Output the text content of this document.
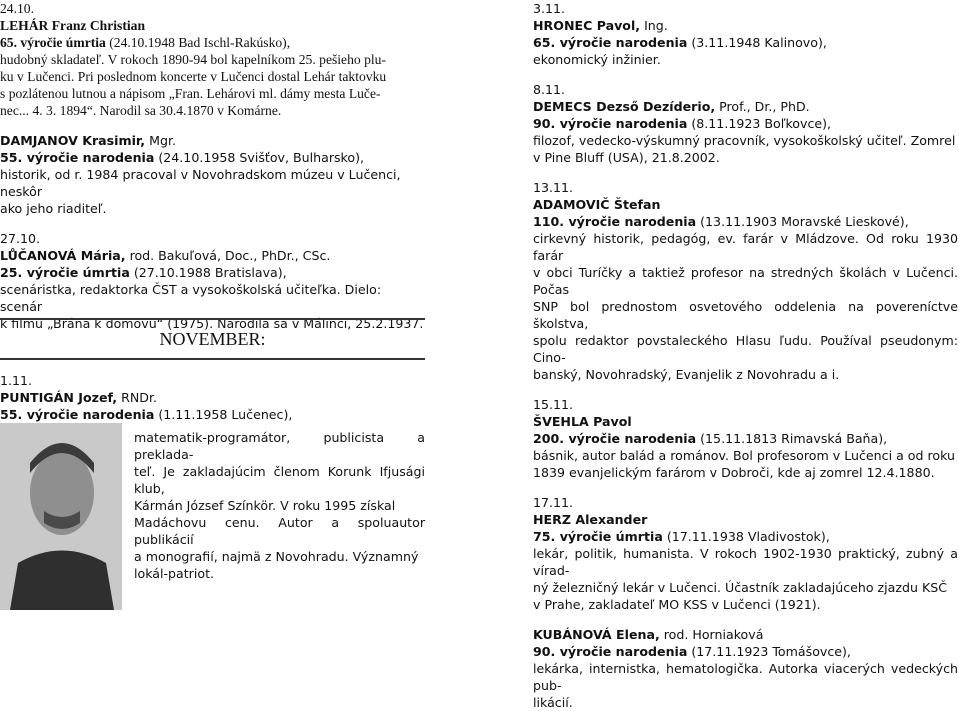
24.10.

LEHÁR Franz Christian

65. výročie úmrtia (24.10.1948 Bad Ischl-Rakúsko),

hudobný skladateľ. V rokoch 1890-94 bol kapelníkom 25. pešieho plu-

ku v Lučenci. Pri poslednom koncerte v Lučenci dostal Lehár taktovku

s pozlátenou lutnou a nápisom „Fran. Lehárovi ml. dámy mesta Luče-

nec... 4. 3. 1894“. Narodil sa 30.4.1870 v Komárne.

DAMJANOV Krasimir, Mgr.

55. výročie narodenia (24.10.1958 Svišťov, Bulharsko),

historik, od r. 1984 pracoval v Novohradskom múzeu v Lučenci, neskôr

ako jeho riaditeľ.

27.10.

LŮČANOVÁ Mária, rod. Bakuľová, Doc., PhDr., CSc.

25. výročie úmrtia (27.10.1988 Bratislava),

scenáristka, redaktorka ČST a vysokoškolská učiteľka. Dielo: scenár

k filmu „Brána k domovu“ (1975). Narodila sa v Málinci, 25.2.1937.

NOVEMBER:

1.11.

PUNTIGÁN Jozef, RNDr.

55. výročie narodenia (1.11.1958 Lučenec),

matematik-programátor, publicista a prekladа-

teľ. Je zakladajúcim členom Korunk Ifjusági klub,

Kármán József Színkör. V roku 1995 získal

Madáchovu cenu. Autor a spoluautor publikácií

a monografií, najmä z Novohradu. Významný

lokál-patriot.

3.11.

HRONEC Pavol, Ing.

65. výročie narodenia (3.11.1948 Kalinovo),

ekonomický inžinier.

8.11.

DEMECS Dezső Dezíderio, Prof., Dr., PhD.

90. výročie narodenia (8.11.1923 Boľkovce),

filozof, vedecko-výskumný pracovník, vysokoškolský učiteľ. Zomrel

v Pine Bluff (USA), 21.8.2002.

13.11.

ADAMOVIČ Štefan

110. výročie narodenia (13.11.1903 Moravské Lieskové),

cirkevný historik, pedagóg, ev. farár v Mládzove. Od roku 1930 farár

v obci Turíčky a taktiež profesor na stredných školách v Lučenci. Počas

SNP bol prednostom osvetového oddelenia na povereníctve školstva,

spolu redaktor povstaleckého Hlasu ľudu. Používal pseudonym: Cino-

banský, Novohradský, Evanjelik z Novohradu a i.

15.11.

ŠVEHLA Pavol

200. výročie narodenia (15.11.1813 Rimavská Baňa),

básnik, autor balád a románov. Bol profesorom v Lučenci a od roku

1839 evanjelickým farárom v Dobroči, kde aj zomrel 12.4.1880.

17.11.

HERZ Alexander

75. výročie úmrtia (17.11.1938 Vladivostok),

lekár, politik, humanista. V rokoch 1902-1930 praktický, zubný a vírad-

ný železničný lekár v Lučenci. Účastník zakladajúceho zjazdu KSČ

v Prahe, zakladateľ MO KSS v Lučenci (1921).

KUBÁNOVÁ Elena, rod. Horniaková

90. výročie narodenia (17.11.1923 Tomášovce),

lekárka, internistka, hematologička. Autorka viacerých vedeckých pub-

likácií.
